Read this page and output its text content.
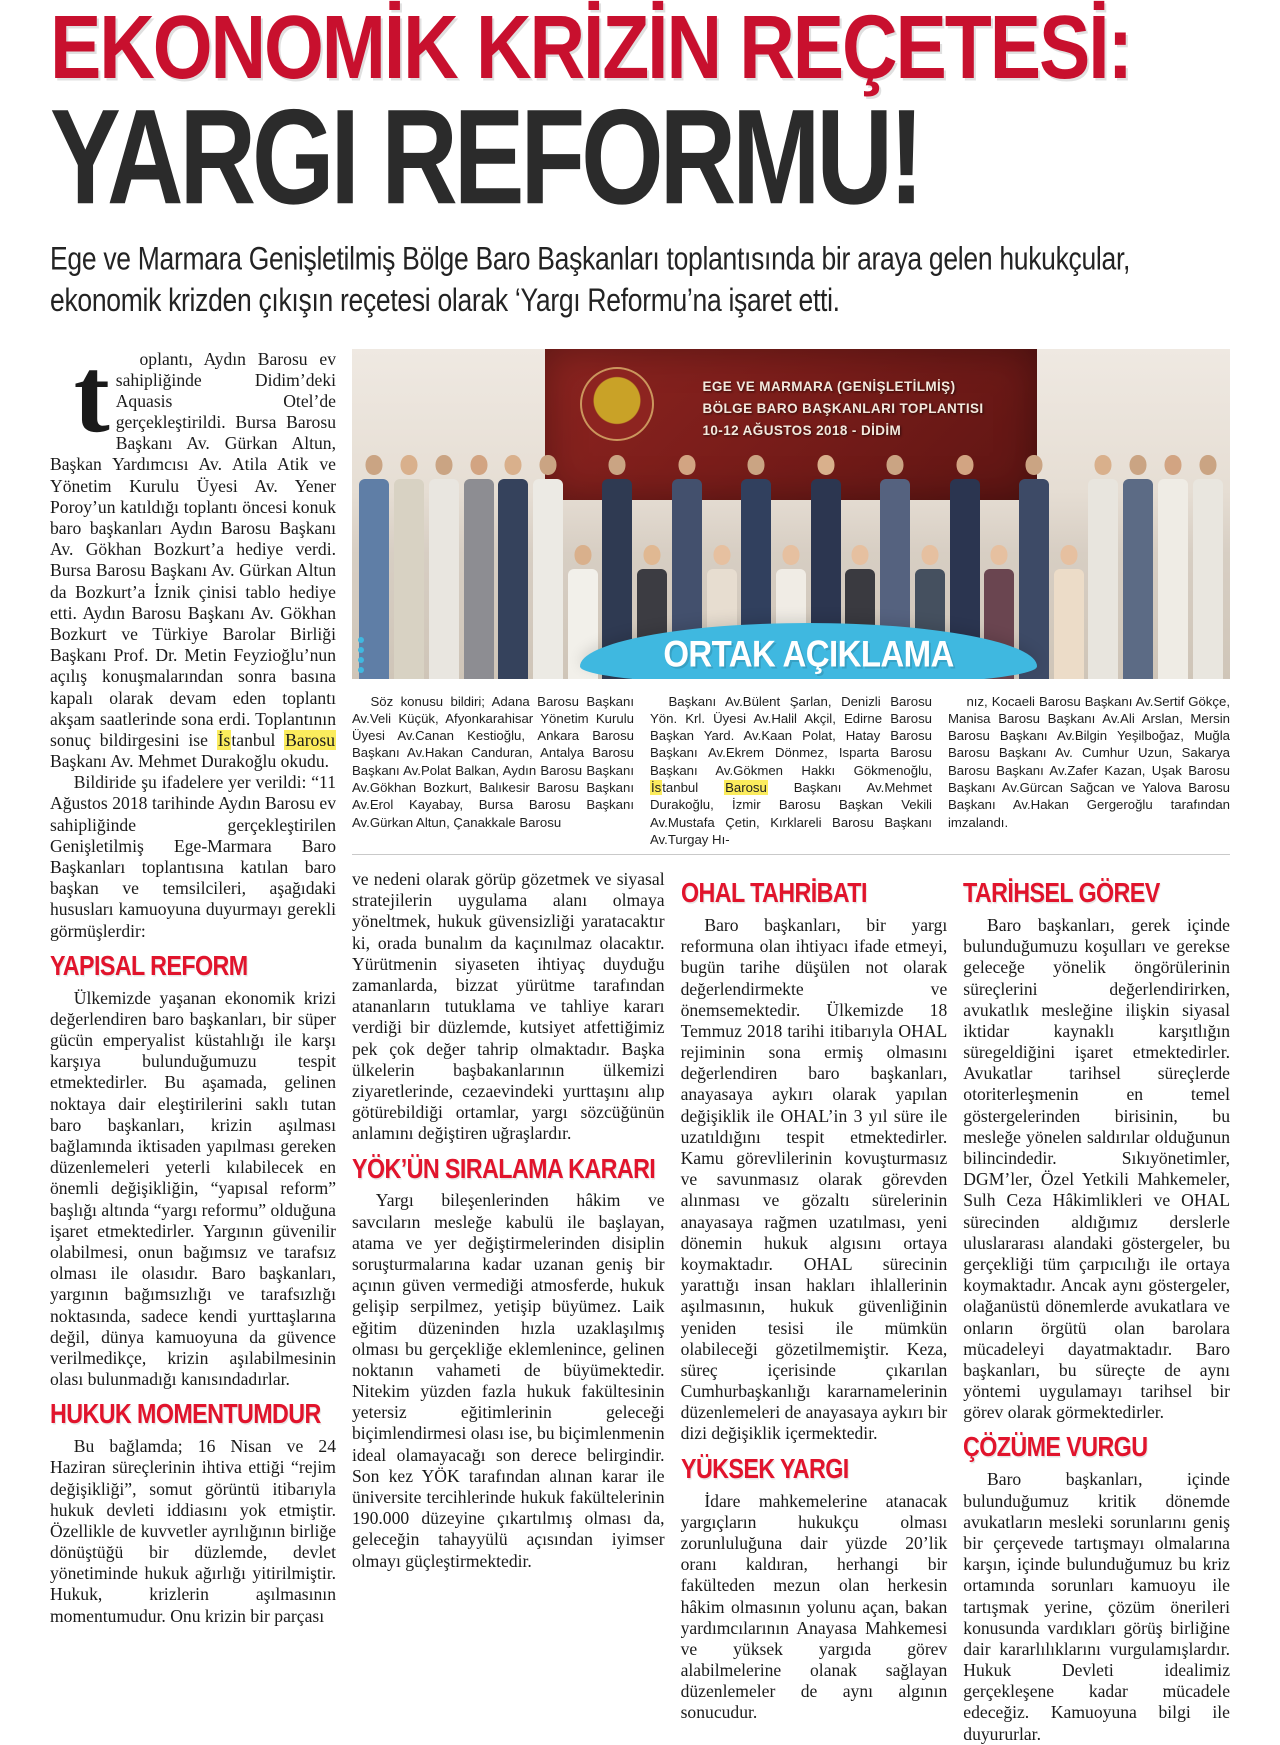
EKONOMİK KRİZİN REÇETESİ:
YARGI REFORMU!
Ege ve Marmara Genişletilmiş Bölge Baro Başkanları toplantısında bir araya gelen hukukçular, ekonomik krizden çıkışın reçetesi olarak ‘Yargı Reformu’na işaret etti.

toplantı, Aydın Barosu ev sahipliğinde Didim’deki Aquasis Otel’de gerçekleştirildi. Bursa Barosu Başkanı Av. Gürkan Altun, Başkan Yardımcısı Av. Atila Atik ve Yönetim Kurulu Üyesi Av. Yener Poroy’un katıldığı toplantı öncesi konuk baro başkanları Aydın Barosu Başkanı Av. Gökhan Bozkurt’a hediye verdi. Bursa Barosu Başkanı Av. Gürkan Altun da Bozkurt’a İznik çinisi tablo hediye etti. Aydın Barosu Başkanı Av. Gökhan Bozkurt ve Türkiye Barolar Birliği Başkanı Prof. Dr. Metin Feyzioğlu’nun açılış konuşmalarından sonra basına kapalı olarak devam eden toplantı akşam saatlerinde sona erdi. Toplantının sonuç bildirgesini ise İstanbul Barosu Başkanı Av. Mehmet Durakoğlu okudu.

Bildiride şu ifadelere yer verildi: “11 Ağustos 2018 tarihinde Aydın Barosu ev sahipliğinde gerçekleştirilen Genişletilmiş Ege-Marmara Baro Başkanları toplantısına katılan baro başkan ve temsilcileri, aşağıdaki hususları kamuoyuna duyurmayı gerekli görmüşlerdir:

YAPISAL REFORM

Ülkemizde yaşanan ekonomik krizi değerlendiren baro başkanları, bir süper gücün emperyalist küstahlığı ile karşı karşıya bulunduğumuzu tespit etmektedirler. Bu aşamada, gelinen noktaya dair eleştirilerini saklı tutan baro başkanları, krizin aşılması bağlamında iktisaden yapılması gereken düzenlemeleri yeterli kılabilecek en önemli değişikliğin, “yapısal reform” başlığı altında “yargı reformu” olduğuna işaret etmektedirler. Yargının güvenilir olabilmesi, onun bağımsız ve tarafsız olması ile olasıdır. Baro başkanları, yargının bağımsızlığı ve tarafsızlığı noktasında, sadece kendi yurttaşlarına değil, dünya kamuoyuna da güvence verilmedikçe, krizin aşılabilmesinin olası bulunmadığı kanısındadırlar.

HUKUK MOMENTUMDUR

Bu bağlamda; 16 Nisan ve 24 Haziran süreçlerinin ihtiva ettiği “rejim değişikliği”, somut görüntü itibarıyla hukuk devleti iddiasını yok etmiştir. Özellikle de kuvvetler ayrılığının birliğe dönüştüğü bir düzlemde, devlet yönetiminde hukuk ağırlığı yitirilmiştir. Hukuk, krizlerin aşılmasının momentumudur. Onu krizin bir parçası

EGE VE MARMARA (GENİŞLETİLMİŞ)
BÖLGE BARO BAŞKANLARI TOPLANTISI
10-12 AĞUSTOS 2018 - DİDİM
ORTAK AÇIKLAMA

Söz konusu bildiri; Adana Barosu Başkanı Av.Veli Küçük, Afyonkarahisar Yönetim Kurulu Üyesi Av.Canan Kestioğlu, Ankara Barosu Başkanı Av.Hakan Canduran, Antalya Barosu Başkanı Av.Polat Balkan, Aydın Barosu Başkanı Av.Gökhan Bozkurt, Balıkesir Barosu Başkanı Av.Erol Kayabay, Bursa Barosu Başkanı Av.Gürkan Altun, Çanakkale Barosu

Başkanı Av.Bülent Şarlan, Denizli Barosu Yön. Krl. Üyesi Av.Halil Akçil, Edirne Barosu Başkan Yard. Av.Kaan Polat, Hatay Barosu Başkanı Av.Ekrem Dönmez, Isparta Barosu Başkanı Av.Gökmen Hakkı Gökmenoğlu, İstanbul Barosu Başkanı Av.Mehmet Durakoğlu, İzmir Barosu Başkan Vekili Av.Mustafa Çetin, Kırklareli Barosu Başkanı Av.Turgay Hı-

nız, Kocaeli Barosu Başkanı Av.Sertif Gökçe, Manisa Barosu Başkanı Av.Ali Arslan, Mersin Barosu Başkanı Av.Bilgin Yeşilboğaz, Muğla Barosu Başkanı Av. Cumhur Uzun, Sakarya Barosu Başkanı Av.Zafer Kazan, Uşak Barosu Başkanı Av.Gürcan Sağcan ve Yalova Barosu Başkanı Av.Hakan Gergeroğlu tarafından imzalandı.

ve nedeni olarak görüp gözetmek ve siyasal stratejilerin uygulama alanı olmaya yöneltmek, hukuk güvensizliği yaratacaktır ki, orada bunalım da kaçınılmaz olacaktır. Yürütmenin siyaseten ihtiyaç duyduğu zamanlarda, bizzat yürütme tarafından atananların tutuklama ve tahliye kararı verdiği bir düzlemde, kutsiyet atfettiğimiz pek çok değer tahrip olmaktadır. Başka ülkelerin başbakanlarının ülkemizi ziyaretlerinde, cezaevindeki yurttaşını alıp götürebildiği ortamlar, yargı sözcüğünün anlamını değiştiren uğraşlardır.

YÖK’ÜN SIRALAMA KARARI

Yargı bileşenlerinden hâkim ve savcıların mesleğe kabulü ile başlayan, atama ve yer değiştirmelerinden disiplin soruşturmalarına kadar uzanan geniş bir açının güven vermediği atmosferde, hukuk gelişip serpilmez, yetişip büyümez. Laik eğitim düzeninden hızla uzaklaşılmış olması bu gerçekliğe eklemlenince, gelinen noktanın vahameti de büyümektedir. Nitekim yüzden fazla hukuk fakültesinin yetersiz eğitimlerinin geleceği biçimlendirmesi olası ise, bu biçimlenmenin ideal olamayacağı son derece belirgindir. Son kez YÖK tarafından alınan karar ile üniversite tercihlerinde hukuk fakültelerinin 190.000 düzeyine çıkartılmış olması da, geleceğin tahayyülü açısından iyimser olmayı güçleştirmektedir.

OHAL TAHRİBATI

Baro başkanları, bir yargı reformuna olan ihtiyacı ifade etmeyi, bugün tarihe düşülen not olarak değerlendirmekte ve önemsemektedir. Ülkemizde 18 Temmuz 2018 tarihi itibarıyla OHAL rejiminin sona ermiş olmasını değerlendiren baro başkanları, anayasaya aykırı olarak yapılan değişiklik ile OHAL’in 3 yıl süre ile uzatıldığını tespit etmektedirler. Kamu görevlilerinin kovuşturmasız ve savunmasız olarak görevden alınması ve gözaltı sürelerinin anayasaya rağmen uzatılması, yeni dönemin hukuk algısını ortaya koymaktadır. OHAL sürecinin yarattığı insan hakları ihlallerinin aşılmasının, hukuk güvenliğinin yeniden tesisi ile mümkün olabileceği gözetilmemiştir. Keza, süreç içerisinde çıkarılan Cumhurbaşkanlığı kararnamelerinin düzenlemeleri de anayasaya aykırı bir dizi değişiklik içermektedir.

YÜKSEK YARGI

İdare mahkemelerine atanacak yargıçların hukukçu olması zorunluluğuna dair yüzde 20’lik oranı kaldıran, herhangi bir fakülteden mezun olan herkesin hâkim olmasının yolunu açan, bakan yardımcılarının Anayasa Mahkemesi ve yüksek yargıda görev alabilmelerine olanak sağlayan düzenlemeler de aynı algının sonucudur.

TARİHSEL GÖREV

Baro başkanları, gerek içinde bulunduğumuzu koşulları ve gerekse geleceğe yönelik öngörülerinin süreçlerini değerlendirirken, avukatlık mesleğine ilişkin siyasal iktidar kaynaklı karşıtlığın süregeldiğini işaret etmektedirler. Avukatlar tarihsel süreçlerde otoriterleşmenin en temel göstergelerinden birisinin, bu mesleğe yönelen saldırılar olduğunun bilincindedir. Sıkıyönetimler, DGM’ler, Özel Yetkili Mahkemeler, Sulh Ceza Hâkimlikleri ve OHAL sürecinden aldığımız derslerle uluslararası alandaki göstergeler, bu gerçekliği tüm çarpıcılığı ile ortaya koymaktadır. Ancak aynı göstergeler, olağanüstü dönemlerde avukatlara ve onların örgütü olan barolara mücadeleyi dayatmaktadır. Baro başkanları, bu süreçte de aynı yöntemi uygulamayı tarihsel bir görev olarak görmektedirler.

ÇÖZÜME VURGU

Baro başkanları, içinde bulunduğumuz kritik dönemde avukatların mesleki sorunlarını geniş bir çerçevede tartışmayı olmalarına karşın, içinde bulunduğumuz bu kriz ortamında sorunları kamuoyu ile tartışmak yerine, çözüm önerileri konusunda vardıkları görüş birliğine dair kararlılıklarını vurgulamışlardır. Hukuk Devleti idealimiz gerçekleşene kadar mücadele edeceğiz. Kamuoyuna bilgi ile duyururlar.
